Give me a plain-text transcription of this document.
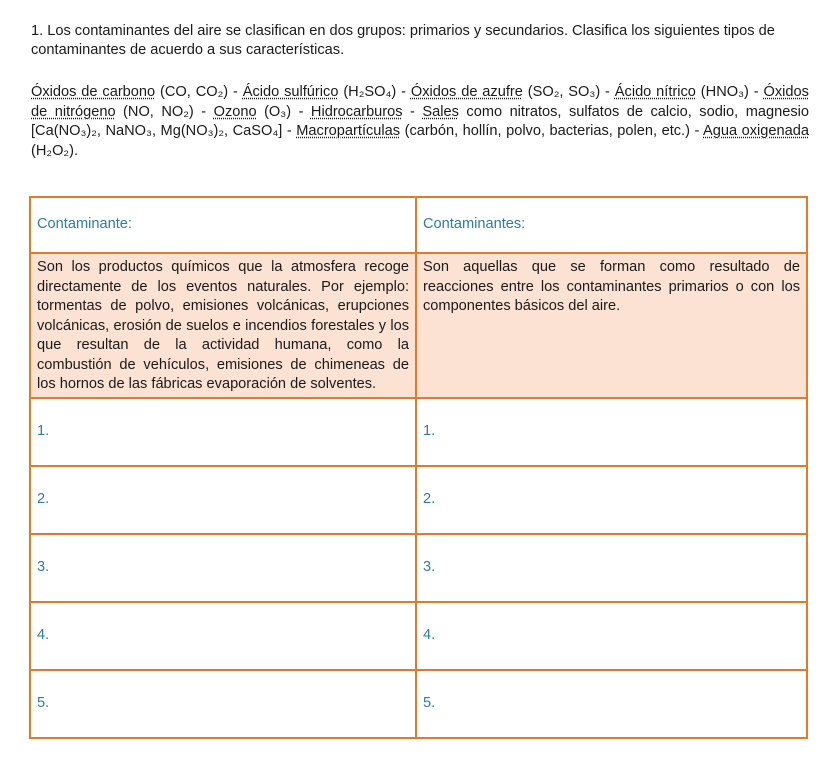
1. Los contaminantes del aire se clasifican en dos grupos: primarios y secundarios. Clasifica los siguientes tipos de contaminantes de acuerdo a sus características.

Óxidos de carbono (CO, CO₂) - Ácido sulfúrico (H₂SO₄) - Óxidos de azufre (SO₂, SO₃) - Ácido nítrico (HNO₃) - Óxidos de nitrógeno (NO, NO₂) - Ozono (O₃) - Hidrocarburos - Sales como nitratos, sulfatos de calcio, sodio, magnesio [Ca(NO₃)₂, NaNO₃, Mg(NO₃)₂, CaSO₄] - Macropartículas (carbón, hollín, polvo, bacterias, polen, etc.) - Agua oxigenada (H₂O₂).

Contaminante:	Contaminantes:
Son los productos químicos que la atmosfera recoge directamente de los eventos naturales. Por ejemplo: tormentas de polvo, emisiones volcánicas, erupciones volcánicas, erosión de suelos e incendios forestales y los que resultan de la actividad humana, como la combustión de vehículos, emisiones de chimeneas de los hornos de las fábricas evaporación de solventes.	Son aquellas que se forman como resultado de reacciones entre los contaminantes primarios o con los componentes básicos del aire.
1.	1.
2.	2.
3.	3.
4.	4.
5.	5.
